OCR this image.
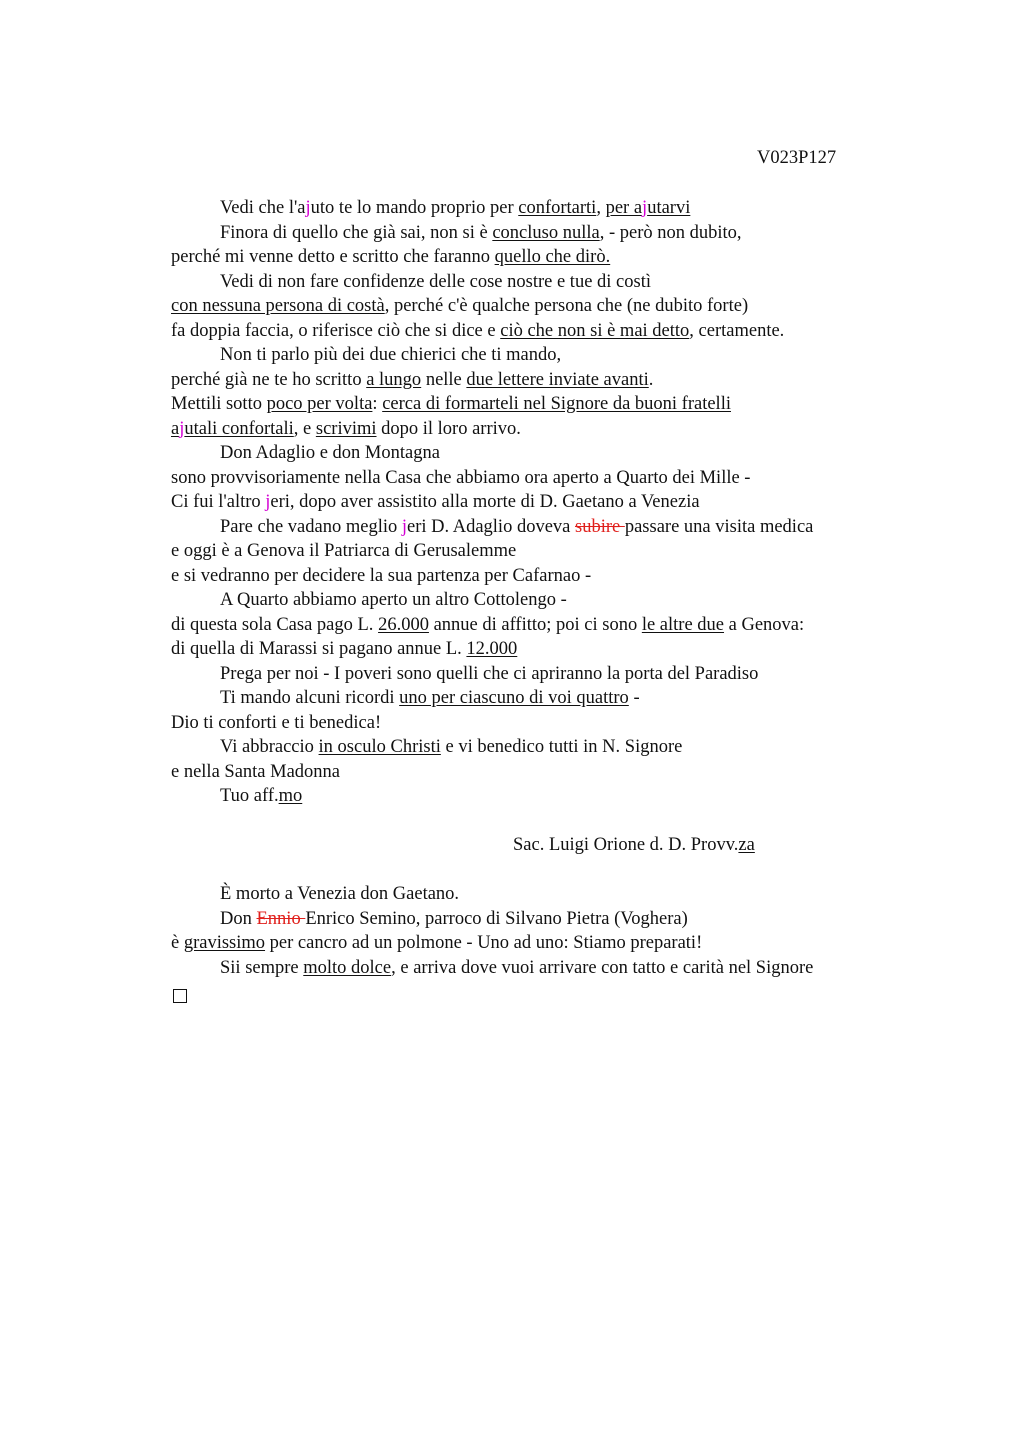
V023P127
Vedi che l'ajuto te lo mando proprio per confortarti, per ajutarvi
Finora di quello che già sai, non si è concluso nulla, - però non dubito,
perché mi venne detto e scritto che faranno quello che dirò.
Vedi di non fare confidenze delle cose nostre e tue di costì
con nessuna persona di costà, perché c'è qualche persona che (ne dubito forte)
fa doppia faccia, o riferisce ciò che si dice e ciò che non si è mai detto, certamente.
Non ti parlo più dei due chierici che ti mando,
perché già ne te ho scritto a lungo nelle due lettere inviate avanti.
Mettili sotto poco per volta: cerca di formarteli nel Signore da buoni fratelli
ajutali confortali, e scrivimi dopo il loro arrivo.
Don Adaglio e don Montagna
sono provvisoriamente nella Casa che abbiamo ora aperto a Quarto dei Mille -
Ci fui l'altro jeri, dopo aver assistito alla morte di D. Gaetano a Venezia
Pare che vadano meglio jeri D. Adaglio doveva subire passare una visita medica
e oggi è a Genova il Patriarca di Gerusalemme
e si vedranno per decidere la sua partenza per Cafarnao -
A Quarto abbiamo aperto un altro Cottolengo -
di questa sola Casa pago L. 26.000 annue di affitto; poi ci sono le altre due a Genova:
di quella di Marassi si pagano annue L. 12.000
Prega per noi - I poveri sono quelli che ci apriranno la porta del Paradiso
Ti mando alcuni ricordi uno per ciascuno di voi quattro -
Dio ti conforti e ti benedica!
Vi abbraccio in osculo Christi e vi benedico tutti in N. Signore
e nella Santa Madonna
Tuo aff.mo
Sac. Luigi Orione d. D. Provv.za
È morto a Venezia don Gaetano.
Don Ennio Enrico Semino, parroco di Silvano Pietra (Voghera)
è gravissimo per cancro ad un polmone - Uno ad uno: Stiamo preparati!
Sii sempre molto dolce, e arriva dove vuoi arrivare con tatto e carità nel Signore
